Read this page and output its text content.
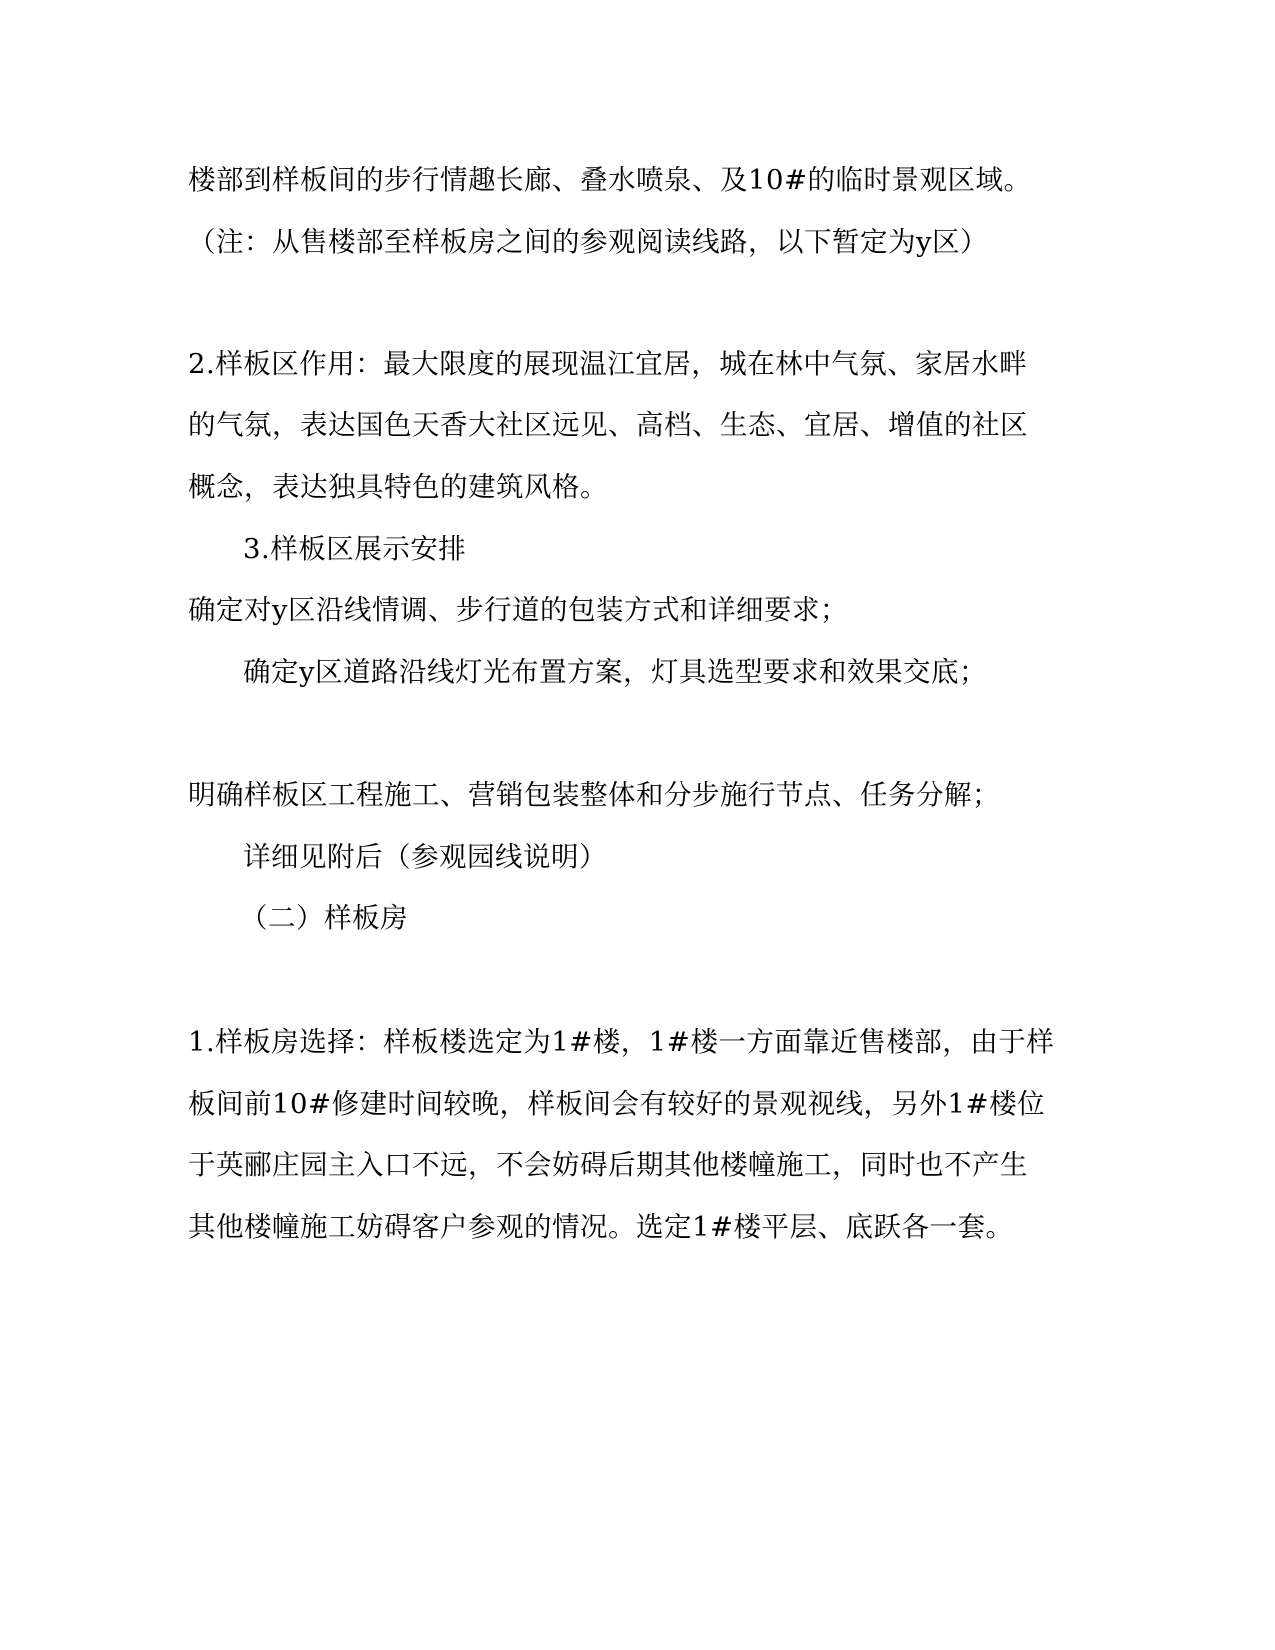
楼部到样板间的步行情趣长廊、叠水喷泉、及10#的临时景观区域。
（注：从售楼部至样板房之间的参观阅读线路，以下暂定为y区）
2.样板区作用：最大限度的展现温江宜居，城在林中气氛、家居水畔
的气氛，表达国色天香大社区远见、高档、生态、宜居、增值的社区
概念，表达独具特色的建筑风格。
3.样板区展示安排
确定对y区沿线情调、步行道的包装方式和详细要求；
确定y区道路沿线灯光布置方案，灯具选型要求和效果交底；
明确样板区工程施工、营销包装整体和分步施行节点、任务分解；
详细见附后（参观园线说明）
（二）样板房
1.样板房选择：样板楼选定为1#楼，1#楼一方面靠近售楼部，由于样
板间前10#修建时间较晚，样板间会有较好的景观视线，另外1#楼位
于英郦庄园主入口不远，不会妨碍后期其他楼幢施工，同时也不产生
其他楼幢施工妨碍客户参观的情况。选定1#楼平层、底跃各一套。
